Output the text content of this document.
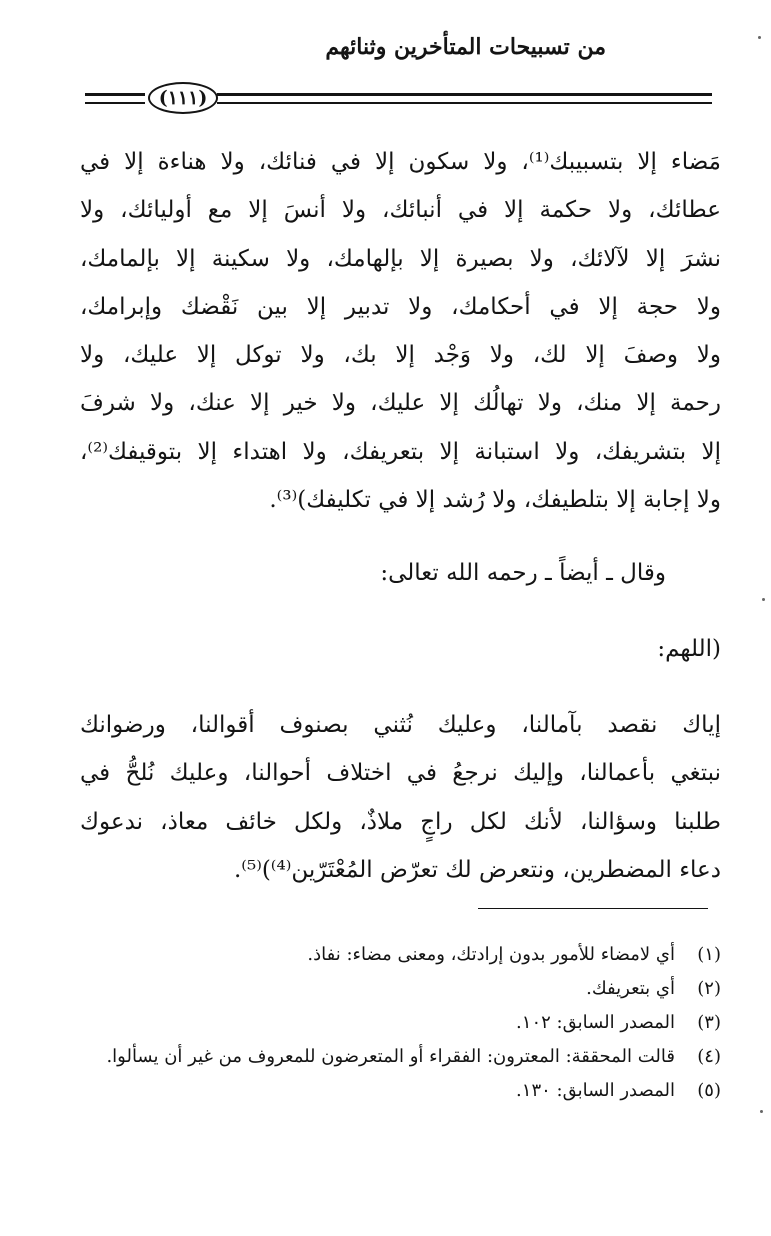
من تسبيحات المتأخرين وثنائهم
(١١١)
مَضاء إلا بتسبيبك⁽¹⁾، ولا سكون إلا في فنائك، ولا هناءة إلا في
عطائك، ولا حكمة إلا في أنبائك، ولا أنسَ إلا مع أوليائك، ولا
نشرَ إلا لآلائك، ولا بصيرة إلا بإلهامك، ولا سكينة إلا بإلمامك،
ولا حجة إلا في أحكامك، ولا تدبير إلا بين نَقْضك وإبرامك،
ولا وصفَ إلا لك، ولا وَجْد إلا بك، ولا توكل إلا عليك، ولا
رحمة إلا منك، ولا تهالُك إلا عليك، ولا خير إلا عنك، ولا شرفَ
إلا بتشريفك، ولا استبانة إلا بتعريفك، ولا اهتداء إلا بتوقيفك⁽²⁾،
ولا إجابة إلا بتلطيفك، ولا رُشد إلا في تكليفك)⁽³⁾.
وقال ـ أيضاً ـ رحمه الله تعالى:
(اللهم:
إياك نقصد بآمالنا، وعليك نُثني بصنوف أقوالنا، ورضوانك
نبتغي بأعمالنا، وإليك نرجعُ في اختلاف أحوالنا، وعليك نُلحُّ في
طلبنا وسؤالنا، لأنك لكل راجٍ ملاذٌ، ولكل خائف معاذ، ندعوك
دعاء المضطرين، ونتعرض لك تعرّض المُعْتَرّين⁽⁴⁾)⁽⁵⁾.
(١)
أي لامضاء للأمور بدون إرادتك، ومعنى مضاء: نفاذ.
(٢)
أي بتعريفك.
(٣)
المصدر السابق: ١٠٢.
(٤)
قالت المحققة: المعترون: الفقراء أو المتعرضون للمعروف من غير أن يسألوا.
(٥)
المصدر السابق: ١٣٠.
